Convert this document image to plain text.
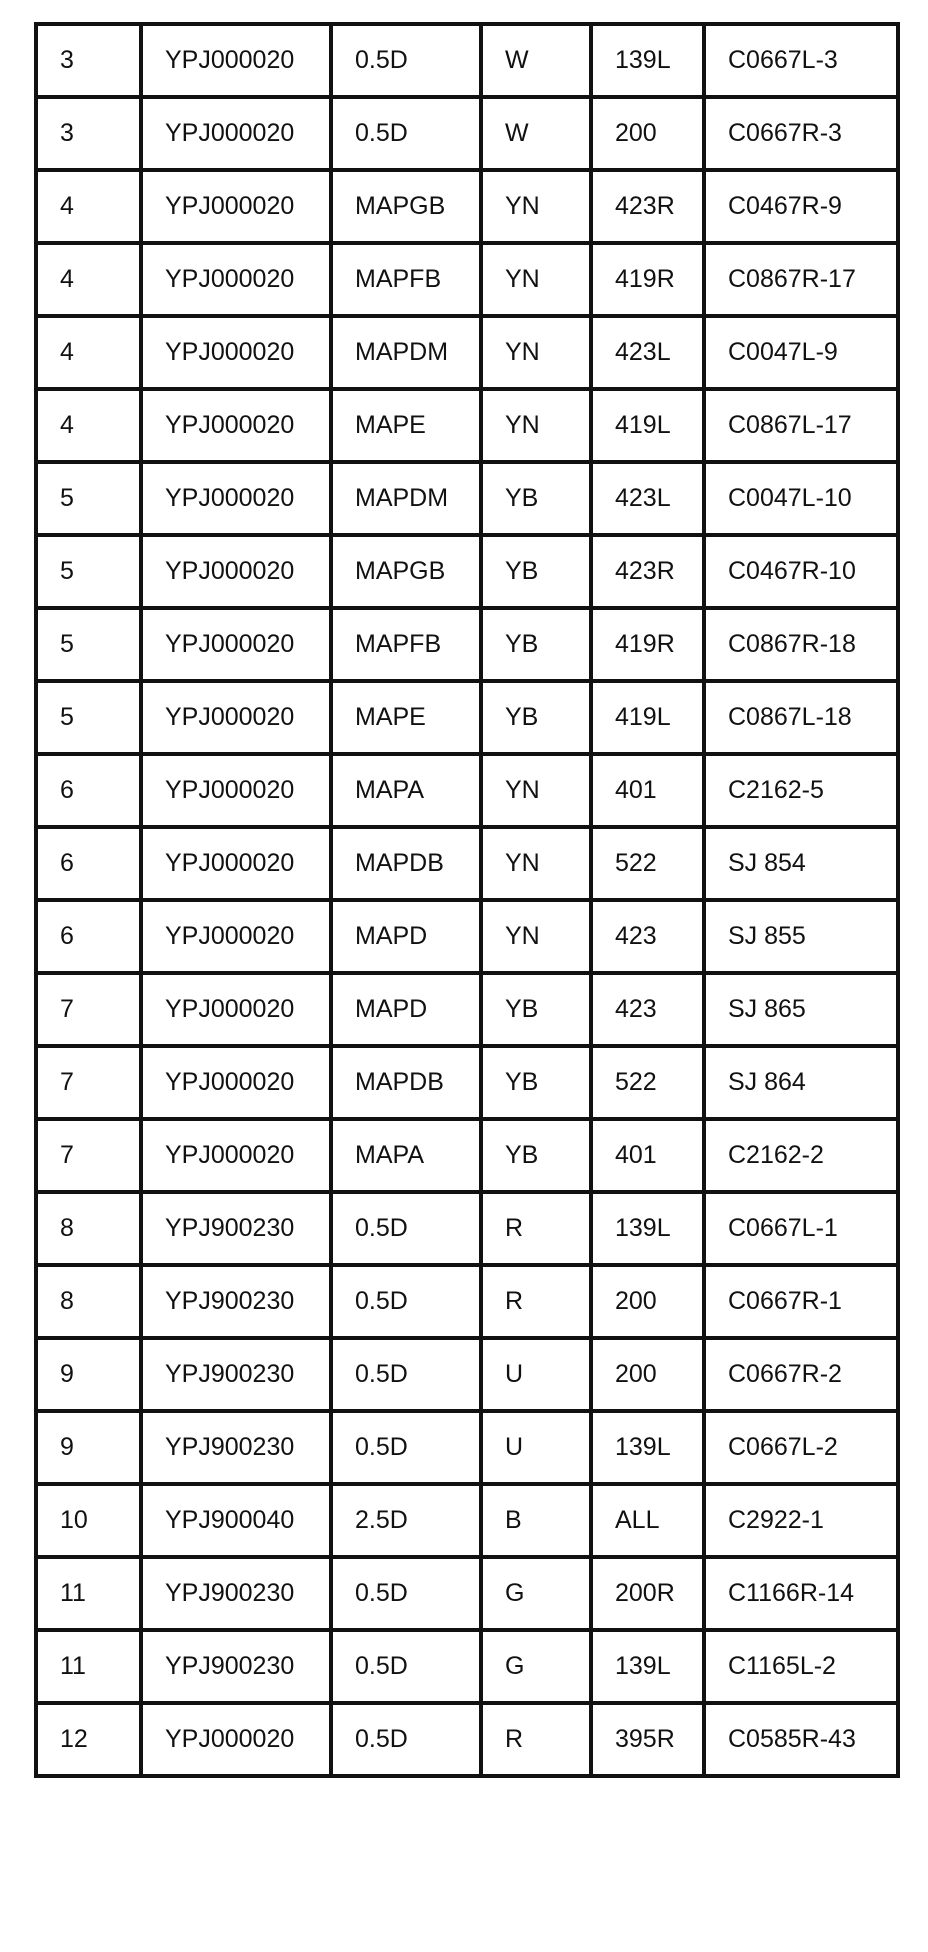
3	YPJ000020	0.5D	W	139L	C0667L-3
3	YPJ000020	0.5D	W	200	C0667R-3
4	YPJ000020	MAPGB	YN	423R	C0467R-9
4	YPJ000020	MAPFB	YN	419R	C0867R-17
4	YPJ000020	MAPDM	YN	423L	C0047L-9
4	YPJ000020	MAPE	YN	419L	C0867L-17
5	YPJ000020	MAPDM	YB	423L	C0047L-10
5	YPJ000020	MAPGB	YB	423R	C0467R-10
5	YPJ000020	MAPFB	YB	419R	C0867R-18
5	YPJ000020	MAPE	YB	419L	C0867L-18
6	YPJ000020	MAPA	YN	401	C2162-5
6	YPJ000020	MAPDB	YN	522	SJ 854
6	YPJ000020	MAPD	YN	423	SJ 855
7	YPJ000020	MAPD	YB	423	SJ 865
7	YPJ000020	MAPDB	YB	522	SJ 864
7	YPJ000020	MAPA	YB	401	C2162-2
8	YPJ900230	0.5D	R	139L	C0667L-1
8	YPJ900230	0.5D	R	200	C0667R-1
9	YPJ900230	0.5D	U	200	C0667R-2
9	YPJ900230	0.5D	U	139L	C0667L-2
10	YPJ900040	2.5D	B	ALL	C2922-1
11	YPJ900230	0.5D	G	200R	C1166R-14
11	YPJ900230	0.5D	G	139L	C1165L-2
12	YPJ000020	0.5D	R	395R	C0585R-43
